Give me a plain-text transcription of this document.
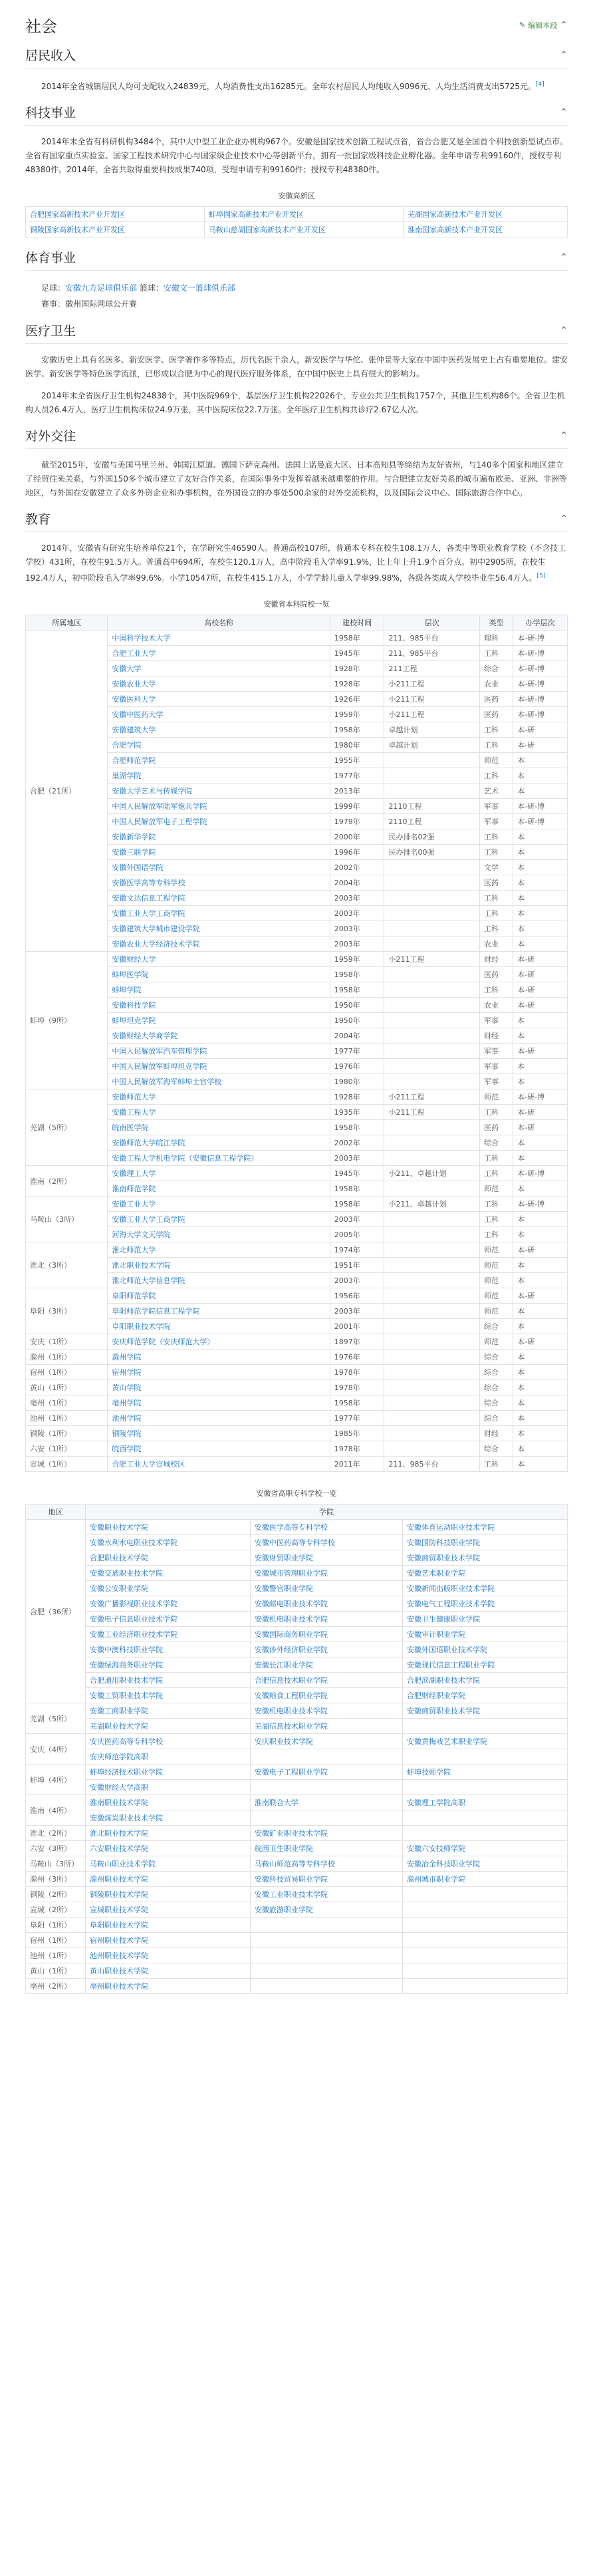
社会	✎ 编辑本段 ⌃
居民收入	⌃

2014年全省城镇居民人均可支配收入24839元，人均消费性支出16285元。全年农村居民人均纯收入9096元，人均生活消费支出5725元。[4]

科技事业	⌃

2014年末全省有科研机构3484个，其中大中型工业企业办机构967个。安徽是国家技术创新工程试点省，省合合肥又是全国首个科技创新型试点市。全省有国家重点实验室、国家工程技术研究中心与国家级企业技术中心等创新平台，拥有一批国家级科技企业孵化器。全年申请专利99160件，授权专利48380件。2014年，全省共取得重要科技成果740项，受理申请专利99160件；授权专利48380件。

安徽高新区
合肥国家高新技术产业开发区	蚌埠国家高新技术产业开发区	芜湖国家高新技术产业开发区
铜陵国家高新技术产业开发区	马鞍山慈湖国家高新技术产业开发区	淮南国家高新技术产业开发区
体育事业	⌃
足球：安徽九方足球俱乐部 篮球：安徽文一篮球俱乐部
赛事：徽州国际网球公开赛
医疗卫生	⌃

安徽历史上具有名医多、新安医学、医学著作多等特点，历代名医千余人，新安医学与华佗、张仲景等大家在中国中医药发展史上占有重要地位。建安医学、新安医学等特色医学流派，已形成以合肥为中心的现代医疗服务体系，在中国中医史上具有很大的影响力。

2014年末全省医疗卫生机构24838个，其中医院969个，基层医疗卫生机构22026个，专业公共卫生机构1757个，其他卫生机构86个。全省卫生机构人员26.4万人，医疗卫生机构床位24.9万张，其中医院床位22.7万张。全年医疗卫生机构共诊疗2.67亿人次。

对外交往	⌃

截至2015年，安徽与美国马里兰州、韩国江原道、德国下萨克森州、法国上诺曼底大区、日本高知县等缔结为友好省州，与140多个国家和地区建立了经贸往来关系，与外国150多个城市建立了友好合作关系，在国际事务中发挥着越来越重要的作用。与合肥建立友好关系的城市遍布欧美、亚洲、非洲等地区，与外国在安徽建立了众多外资企业和办事机构，在外国设立的办事处500余家的对外交流机构，以及国际会议中心、国际旅游合作中心。

教育	⌃

2014年，安徽省有研究生培养单位21个，在学研究生46590人。普通高校107所，普通本专科在校生108.1万人，各类中等职业教育学校（不含技工学校）431所，在校生91.5万人。普通高中694所，在校生120.1万人，高中阶段毛入学率91.9%，比上年上升1.9个百分点。初中2905所，在校生192.4万人，初中阶段毛入学率99.6%。小学10547所，在校生415.1万人，小学学龄儿童入学率99.98%，各级各类成人学校毕业生56.4万人。[5]

安徽省本科院校一览
所属地区	高校名称	建校时间	层次	类型	办学层次
合肥（21所）	中国科学技术大学	1958年	211、985平台	理科	本-研-博
	合肥工业大学	1945年	211、985平台	工科	本-研-博
	安徽大学	1928年	211工程	综合	本-研-博
	安徽农业大学	1928年	小211工程	农业	本-研-博
	安徽医科大学	1926年	小211工程	医药	本-研-博
	安徽中医药大学	1959年	小211工程	医药	本-研-博
	安徽建筑大学	1958年	卓越计划	工科	本-研
	合肥学院	1980年	卓越计划	工科	本-研
	合肥师范学院	1955年		师范	本
	巢湖学院	1977年		工科	本
	安徽大学艺术与传媒学院	2013年		艺术	本
	中国人民解放军陆军炮兵学院	1999年	2110工程	军事	本-研-博
	中国人民解放军电子工程学院	1979年	2110工程	军事	本-研-博
	安徽新华学院	2000年	民办排名02强	工科	本
	安徽三联学院	1996年	民办排名00强	工科	本
	安徽外国语学院	2002年		文学	本
	安徽医学高等专科学校	2004年		医药	本
	安徽文达信息工程学院	2003年		工科	本
	安徽工业大学工商学院	2003年		工科	本
	安徽建筑大学城市建设学院	2003年		工科	本
	安徽农业大学经济技术学院	2003年		农业	本
蚌埠（9所）	安徽财经大学	1959年	小211工程	财经	本-研
	蚌埠医学院	1958年		医药	本-研
	蚌埠学院	1958年		工科	本-研
	安徽科技学院	1950年		农业	本-研
	蚌埠坦克学院	1950年		军事	本
	安徽财经大学商学院	2004年		财经	本
	中国人民解放军汽车管理学院	1977年		军事	本-研
	中国人民解放军蚌埠坦克学院	1976年		军事	本
	中国人民解放军海军蚌埠士官学校	1980年		军事	本
芜湖（5所）	安徽师范大学	1928年	小211工程	师范	本-研-博
	安徽工程大学	1935年	小211工程	工科	本-研
	皖南医学院	1958年		医药	本-研
	安徽师范大学皖江学院	2002年		综合	本
	安徽工程大学机电学院（安徽信息工程学院）	2003年		工科	本
淮南（2所）	安徽理工大学	1945年	小211、卓越计划	工科	本-研-博
	淮南师范学院	1958年		师范	本
马鞍山（3所）	安徽工业大学	1958年	小211、卓越计划	工科	本-研-博
	安徽工业大学工商学院	2003年		工科	本
	河海大学文天学院	2005年		工科	本
淮北（3所）	淮北师范大学	1974年		师范	本-研
	淮北职业技术学院	1951年		师范	本
	淮北师范大学信息学院	2003年		师范	本
阜阳（3所）	阜阳师范学院	1956年		师范	本-研
	阜阳师范学院信息工程学院	2003年		师范	本
	阜阳职业技术学院	2001年		综合	本
安庆（1所）	安庆师范学院（安庆师范大学）	1897年		师范	本-研
滁州（1所）	滁州学院	1976年		综合	本
宿州（1所）	宿州学院	1978年		综合	本
黄山（1所）	黄山学院	1978年		综合	本
亳州（1所）	亳州学院	1958年		综合	本
池州（1所）	池州学院	1977年		综合	本
铜陵（1所）	铜陵学院	1985年		财经	本
六安（1所）	皖西学院	1978年		综合	本
宣城（1所）	合肥工业大学宣城校区	2011年	211、985平台	工科	本
安徽省高职专科学校一览
地区	学院		
合肥（36所）	安徽职业技术学院	安徽医学高等专科学校	安徽体育运动职业技术学院
	安徽水利水电职业技术学院	安徽中医药高等专科学校	安徽国防科技职业学院
	合肥职业技术学院	安徽财贸职业学院	安徽商贸职业技术学院
	安徽交通职业技术学院	安徽城市管理职业学院	安徽艺术职业学院
	安徽公安职业学院	安徽警官职业学院	安徽新闻出版职业技术学院
	安徽广播影视职业技术学院	安徽邮电职业技术学院	安徽电气工程职业技术学院
	安徽电子信息职业技术学院	安徽机电职业技术学院	安徽卫生健康职业学院
	安徽工业经济职业技术学院	安徽国际商务职业学院	安徽审计职业学院
	安徽中澳科技职业学院	安徽涉外经济职业学院	安徽外国语职业技术学院
	安徽绿海商务职业学院	安徽长江职业学院	安徽现代信息工程职业学院
	合肥通用职业技术学院	合肥信息技术职业学院	合肥滨湖职业技术学院
	安徽工贸职业技术学院	安徽粮食工程职业学院	合肥财经职业学院
芜湖（5所）	安徽工商职业学院	安徽机电职业技术学院	安徽商贸职业技术学院
	芜湖职业技术学院	芜湖信息技术职业学院	
安庆（4所）	安庆医药高等专科学校	安庆职业技术学院	安徽黄梅戏艺术职业学院
	安庆师范学院高职		
蚌埠（4所）	蚌埠经济技术职业学院	安徽电子工程职业学院	蚌埠技师学院
	安徽财经大学高职		
淮南（4所）	淮南职业技术学院	淮南联合大学	安徽理工学院高职
	安徽煤炭职业技术学院		
淮北（2所）	淮北职业技术学院	安徽矿业职业技术学院	
六安（3所）	六安职业技术学院	皖西卫生职业学院	安徽六安技师学院
马鞍山（3所）	马鞍山职业技术学院	马鞍山师范高等专科学校	安徽冶金科技职业学院
滁州（3所）	滁州职业技术学院	安徽科技贸易职业学院	滁州城市职业学院
铜陵（2所）	铜陵职业技术学院	安徽工业职业技术学院	
宣城（2所）	宣城职业技术学院	安徽旅游职业学院	
阜阳（1所）	阜阳职业技术学院		
宿州（1所）	宿州职业技术学院		
池州（1所）	池州职业技术学院		
黄山（1所）	黄山职业技术学院		
亳州（2所）	亳州职业技术学院		
